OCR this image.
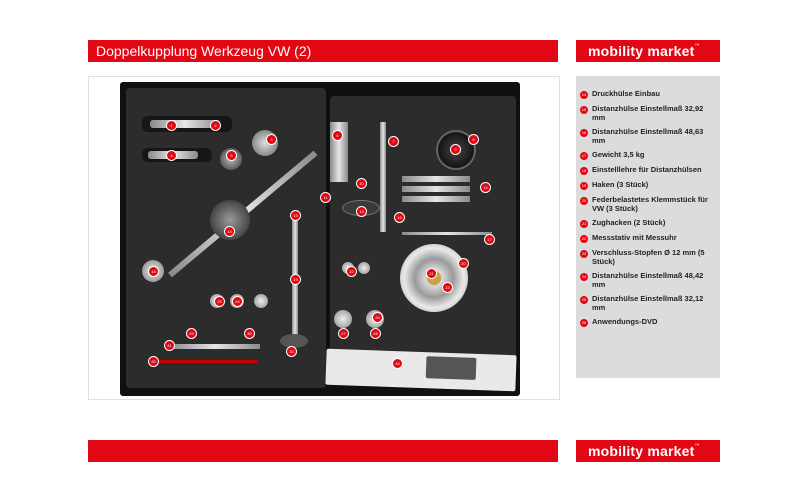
Doppelkupplung Werkzeug VW (2)	mobility market™
1	2
3
4	5
6
7	8
9
10
11
12
13
14
15	16
17
18
19
20
21
22
23
24
25
26
27	28
29	30
31
32
33
34
14 Druckhülse Einbau
15 Distanzhülse Einstellmaß 32,92 mm
16 Distanzhülse Einstellmaß 48,63 mm
17 Gewicht 3,5 kg
18 Einstelllehre für Distanzhülsen
19 Haken (3 Stück)
20 Federbelastetes Klemmstück für VW (3 Stück)
21 Zughacken (2 Stück)
22 Messstativ mit Messuhr
23 Verschluss-Stopfen Ø 12 mm (5 Stück)
24 Distanzhülse Einstellmaß 48,42 mm
25 Distanzhülse Einstellmaß 32,12 mm
26 Anwendungs-DVD
mobility market™
